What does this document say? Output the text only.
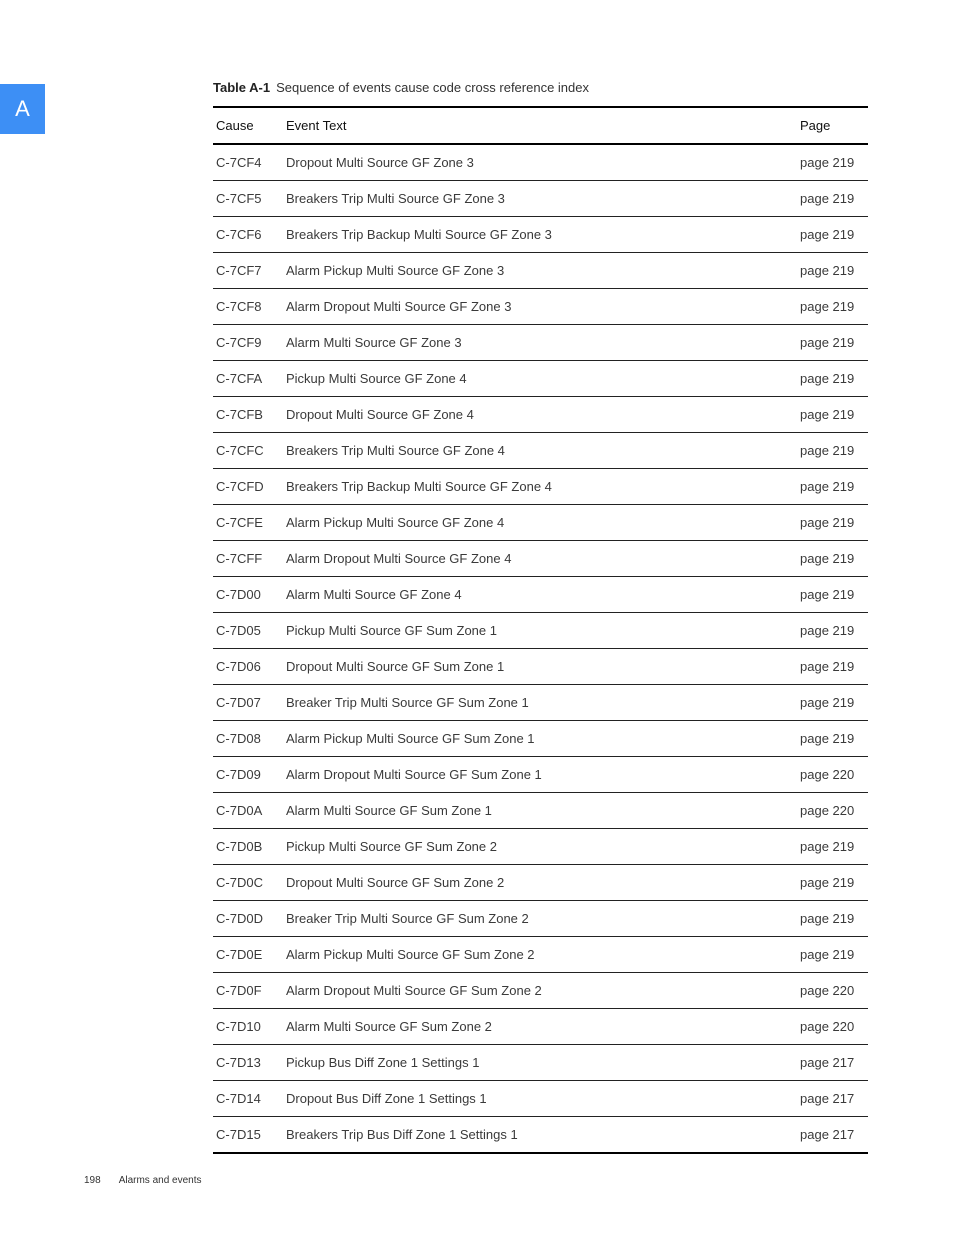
A
Table A-1 Sequence of events cause code cross reference index
Cause	Event Text	Page
C-7CF4	Dropout Multi Source GF Zone 3	page 219
C-7CF5	Breakers Trip Multi Source GF Zone 3	page 219
C-7CF6	Breakers Trip Backup Multi Source GF Zone 3	page 219
C-7CF7	Alarm Pickup Multi Source GF Zone 3	page 219
C-7CF8	Alarm Dropout Multi Source GF Zone 3	page 219
C-7CF9	Alarm Multi Source GF Zone 3	page 219
C-7CFA	Pickup Multi Source GF Zone 4	page 219
C-7CFB	Dropout Multi Source GF Zone 4	page 219
C-7CFC	Breakers Trip Multi Source GF Zone 4	page 219
C-7CFD	Breakers Trip Backup Multi Source GF Zone 4	page 219
C-7CFE	Alarm Pickup Multi Source GF Zone 4	page 219
C-7CFF	Alarm Dropout Multi Source GF Zone 4	page 219
C-7D00	Alarm Multi Source GF Zone 4	page 219
C-7D05	Pickup Multi Source GF Sum Zone 1	page 219
C-7D06	Dropout Multi Source GF Sum Zone 1	page 219
C-7D07	Breaker Trip Multi Source GF Sum Zone 1	page 219
C-7D08	Alarm Pickup Multi Source GF Sum Zone 1	page 219
C-7D09	Alarm Dropout Multi Source GF Sum Zone 1	page 220
C-7D0A	Alarm Multi Source GF Sum Zone 1	page 220
C-7D0B	Pickup Multi Source GF Sum Zone 2	page 219
C-7D0C	Dropout Multi Source GF Sum Zone 2	page 219
C-7D0D	Breaker Trip Multi Source GF Sum Zone 2	page 219
C-7D0E	Alarm Pickup Multi Source GF Sum Zone 2	page 219
C-7D0F	Alarm Dropout Multi Source GF Sum Zone 2	page 220
C-7D10	Alarm Multi Source GF Sum Zone 2	page 220
C-7D13	Pickup Bus Diff Zone 1 Settings 1	page 217
C-7D14	Dropout Bus Diff Zone 1 Settings 1	page 217
C-7D15	Breakers Trip Bus Diff Zone 1 Settings 1	page 217
198 Alarms and events
